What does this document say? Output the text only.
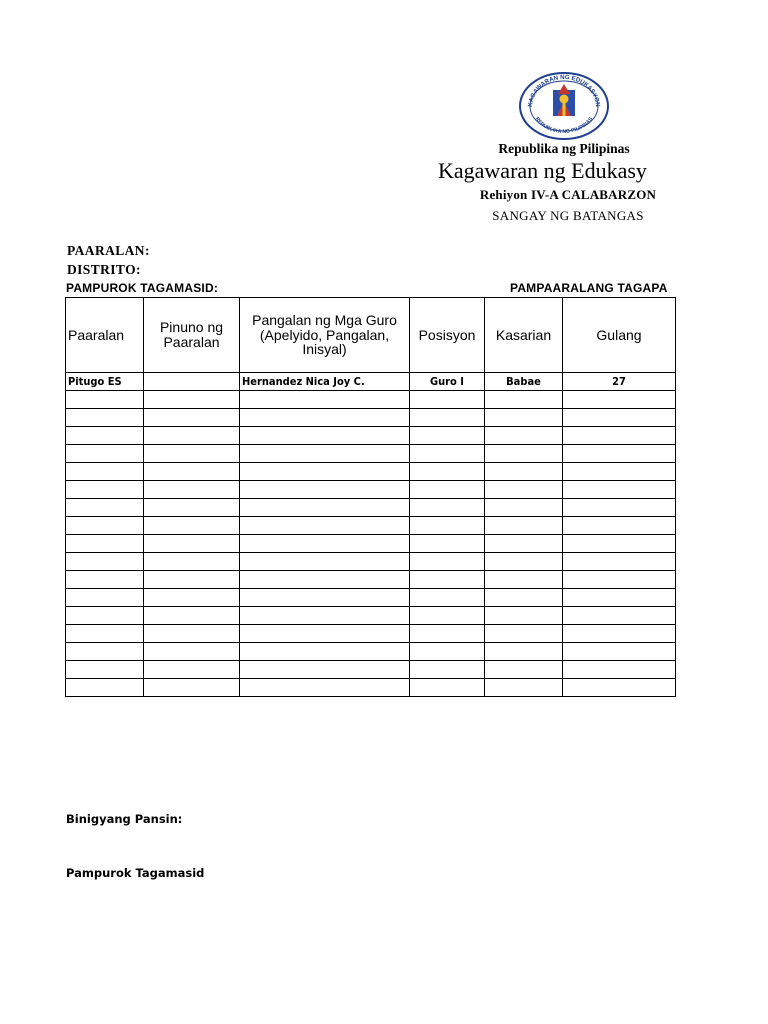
KAGAWARAN NG EDUKASYON
REPUBLIKA NG PILIPINAS
Republika ng Pilipinas
Kagawaran ng Edukasy
Rehiyon IV-A CALABARZON
SANGAY NG BATANGAS
PAARALAN:
DISTRITO:
PAMPUROK TAGAMASID:	PAMPAARALANG TAGAPA
Paaralan	Pinuno ng Paaralan	Pangalan ng Mga Guro (Apelyido, Pangalan, Inisyal)	Posisyon	Kasarian	Gulang
Pitugo ES		Hernandez Nica Joy C.	Guro I	Babae	27

Binigyang Pansin:
Pampurok Tagamasid
